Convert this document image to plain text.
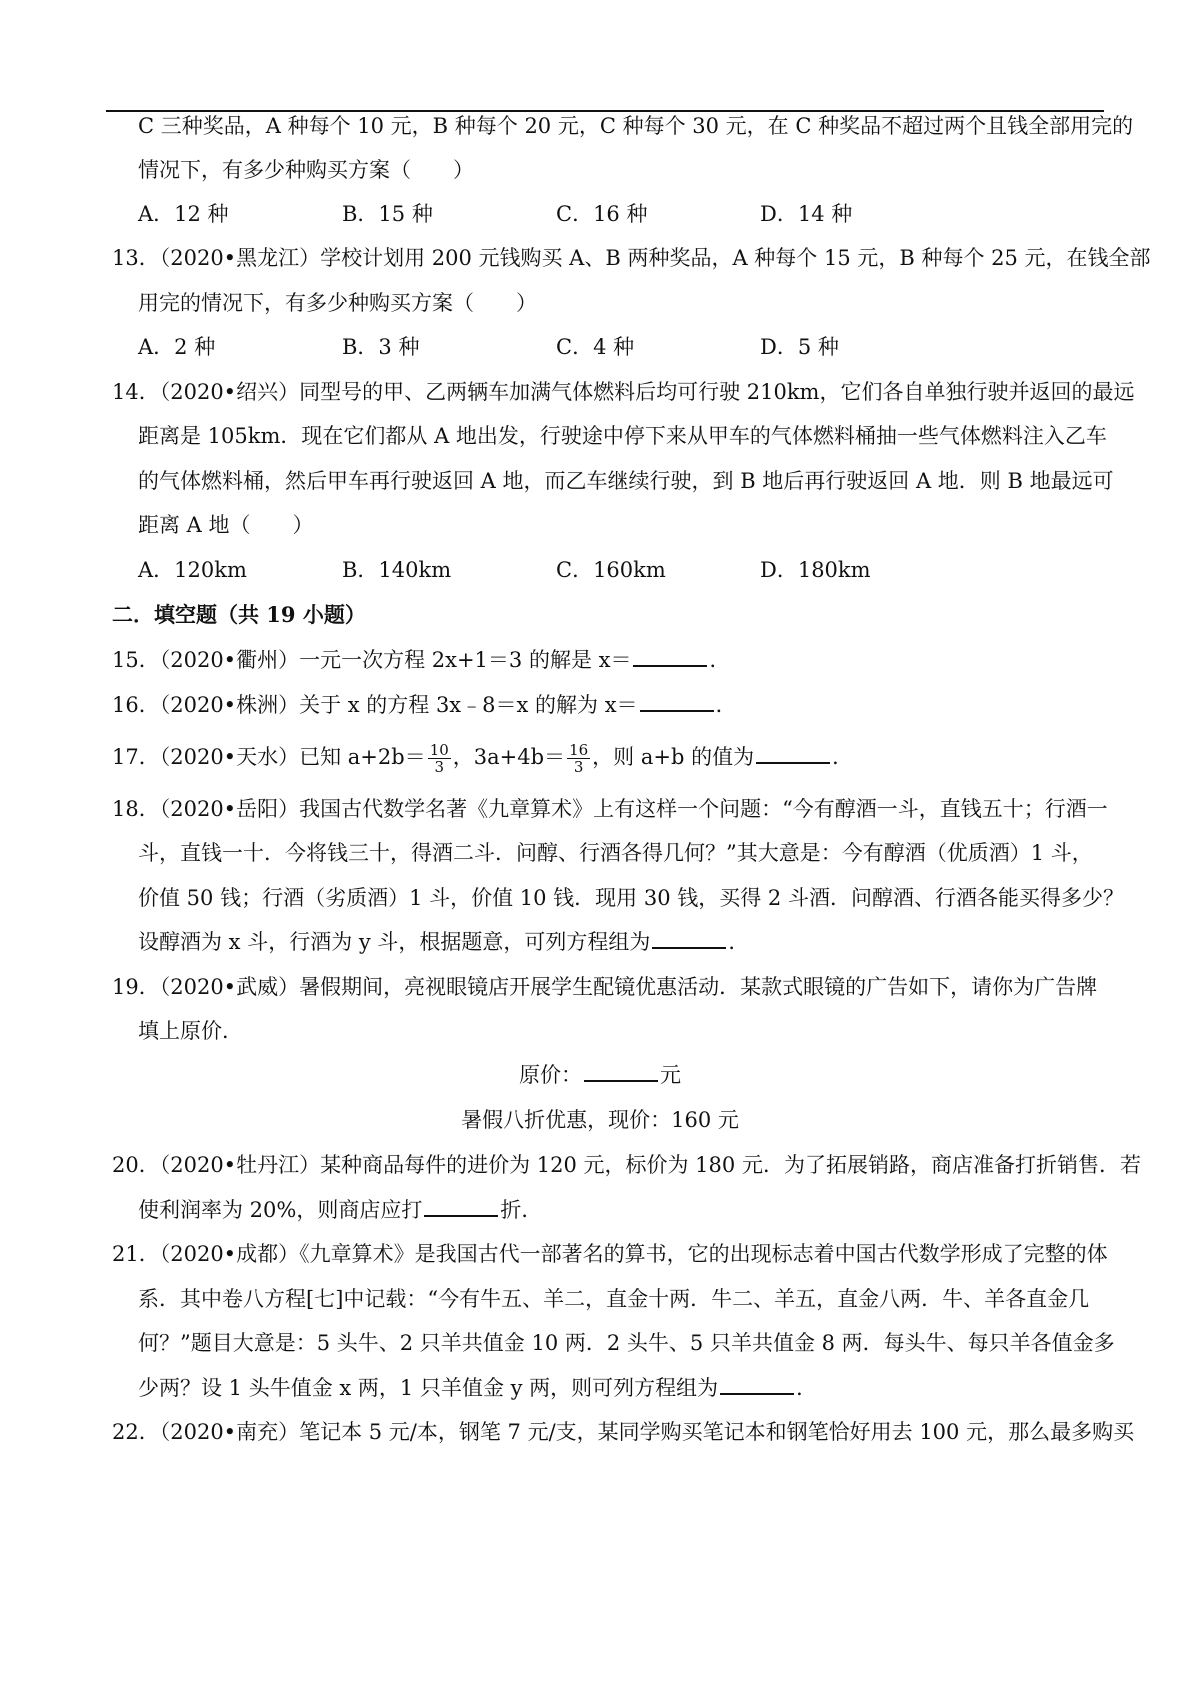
C 三种奖品，A 种每个 10 元，B 种每个 20 元，C 种每个 30 元，在 C 种奖品不超过两个且钱全部用完的
情况下，有多少种购买方案（　　）
A．12 种	B．15 种	C．16 种	D．14 种
13．（2020•黑龙江）学校计划用 200 元钱购买 A、B 两种奖品，A 种每个 15 元，B 种每个 25 元，在钱全部
用完的情况下，有多少种购买方案（　　）
A．2 种	B．3 种	C．4 种	D．5 种
14．（2020•绍兴）同型号的甲、乙两辆车加满气体燃料后均可行驶 210km，它们各自单独行驶并返回的最远
距离是 105km．现在它们都从 A 地出发，行驶途中停下来从甲车的气体燃料桶抽一些气体燃料注入乙车
的气体燃料桶，然后甲车再行驶返回 A 地，而乙车继续行驶，到 B 地后再行驶返回 A 地．则 B 地最远可
距离 A 地（　　）
A．120km	B．140km	C．160km	D．180km
二．填空题（共 19 小题）
15．（2020•衢州）一元一次方程 2x+1＝3 的解是 x＝	．
16．（2020•株洲）关于 x 的方程 3x﹣8＝x 的解为 x＝	．
17．（2020•天水）已知 $a+2b= \frac{10}{3}$ ，$3a+4b= \frac{16}{3}$ ，则 a+b 的值为	．
18．（2020•岳阳）我国古代数学名著《九章算术》上有这样一个问题：“今有醇酒一斗，直钱五十；行酒一
斗，直钱一十．今将钱三十，得酒二斗．问醇、行酒各得几何？”其大意是：今有醇酒（优质酒）1 斗，
价值 50 钱；行酒（劣质酒）1 斗，价值 10 钱．现用 30 钱，买得 2 斗酒．问醇酒、行酒各能买得多少？
设醇酒为 x 斗，行酒为 y 斗，根据题意，可列方程组为	．
19．（2020•武威）暑假期间，亮视眼镜店开展学生配镜优惠活动．某款式眼镜的广告如下，请你为广告牌
填上原价．
原价：	元
暑假八折优惠，现价：160 元
20．（2020•牡丹江）某种商品每件的进价为 120 元，标价为 180 元．为了拓展销路，商店准备打折销售．若
使利润率为 20%，则商店应打	折．
21．（2020•成都）《九章算术》是我国古代一部著名的算书，它的出现标志着中国古代数学形成了完整的体
系．其中卷八方程[七]中记载：“今有牛五、羊二，直金十两．牛二、羊五，直金八两．牛、羊各直金几
何？”题目大意是：5 头牛、2 只羊共值金 10 两．2 头牛、5 只羊共值金 8 两．每头牛、每只羊各值金多
少两？设 1 头牛值金 x 两，1 只羊值金 y 两，则可列方程组为	．
22．（2020•南充）笔记本 5 元/本，钢笔 7 元/支，某同学购买笔记本和钢笔恰好用去 100 元，那么最多购买
